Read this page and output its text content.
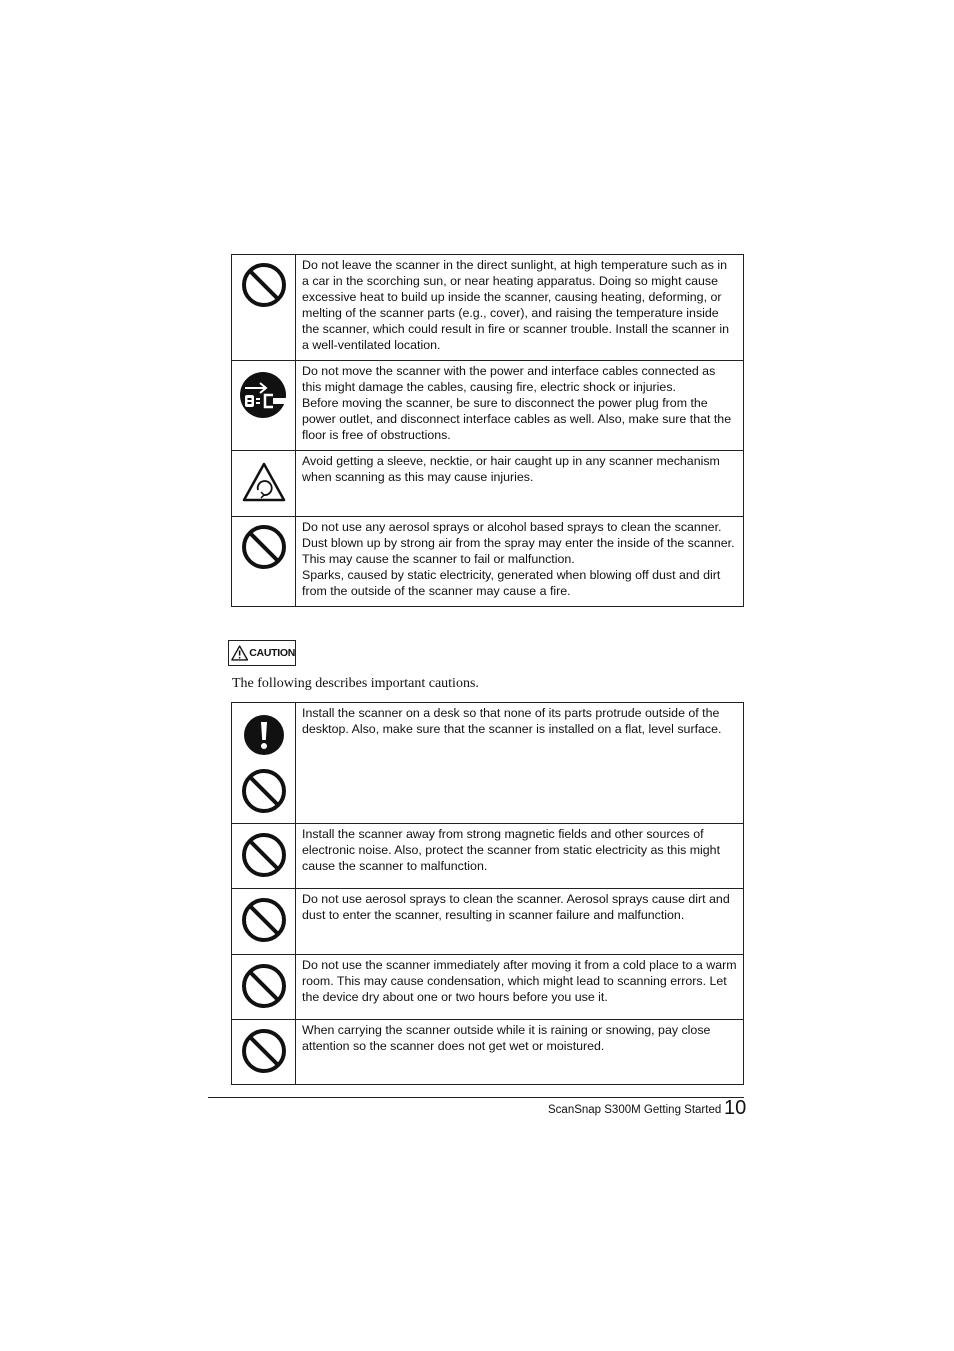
Do not leave the scanner in the direct sunlight, at high temperature such as in a car in the scorching sun, or near heating apparatus. Doing so might cause excessive heat to build up inside the scanner, causing heating, deforming, or melting of the scanner parts (e.g., cover), and raising the temperature inside the scanner, which could result in fire or scanner trouble. Install the scanner in a well-ventilated location.

Do not move the scanner with the power and interface cables connected as this might damage the cables, causing fire, electric shock or injuries.

Before moving the scanner, be sure to disconnect the power plug from the power outlet, and disconnect interface cables as well. Also, make sure that the floor is free of obstructions.

Avoid getting a sleeve, necktie, or hair caught up in any scanner mechanism when scanning as this may cause injuries.

Do not use any aerosol sprays or alcohol based sprays to clean the scanner. Dust blown up by strong air from the spray may enter the inside of the scanner. This may cause the scanner to fail or malfunction.

Sparks, caused by static electricity, generated when blowing off dust and dirt from the outside of the scanner may cause a fire.

CAUTION
The following describes important cautions.

Install the scanner on a desk so that none of its parts protrude outside of the desktop. Also, make sure that the scanner is installed on a flat, level surface.

Install the scanner away from strong magnetic fields and other sources of electronic noise. Also, protect the scanner from static electricity as this might cause the scanner to malfunction.

Do not use aerosol sprays to clean the scanner. Aerosol sprays cause dirt and dust to enter the scanner, resulting in scanner failure and malfunction.

Do not use the scanner immediately after moving it from a cold place to a warm room. This may cause condensation, which might lead to scanning errors. Let the device dry about one or two hours before you use it.

When carrying the scanner outside while it is raining or snowing, pay close attention so the scanner does not get wet or moistured.

ScanSnap S300M Getting Started 10
